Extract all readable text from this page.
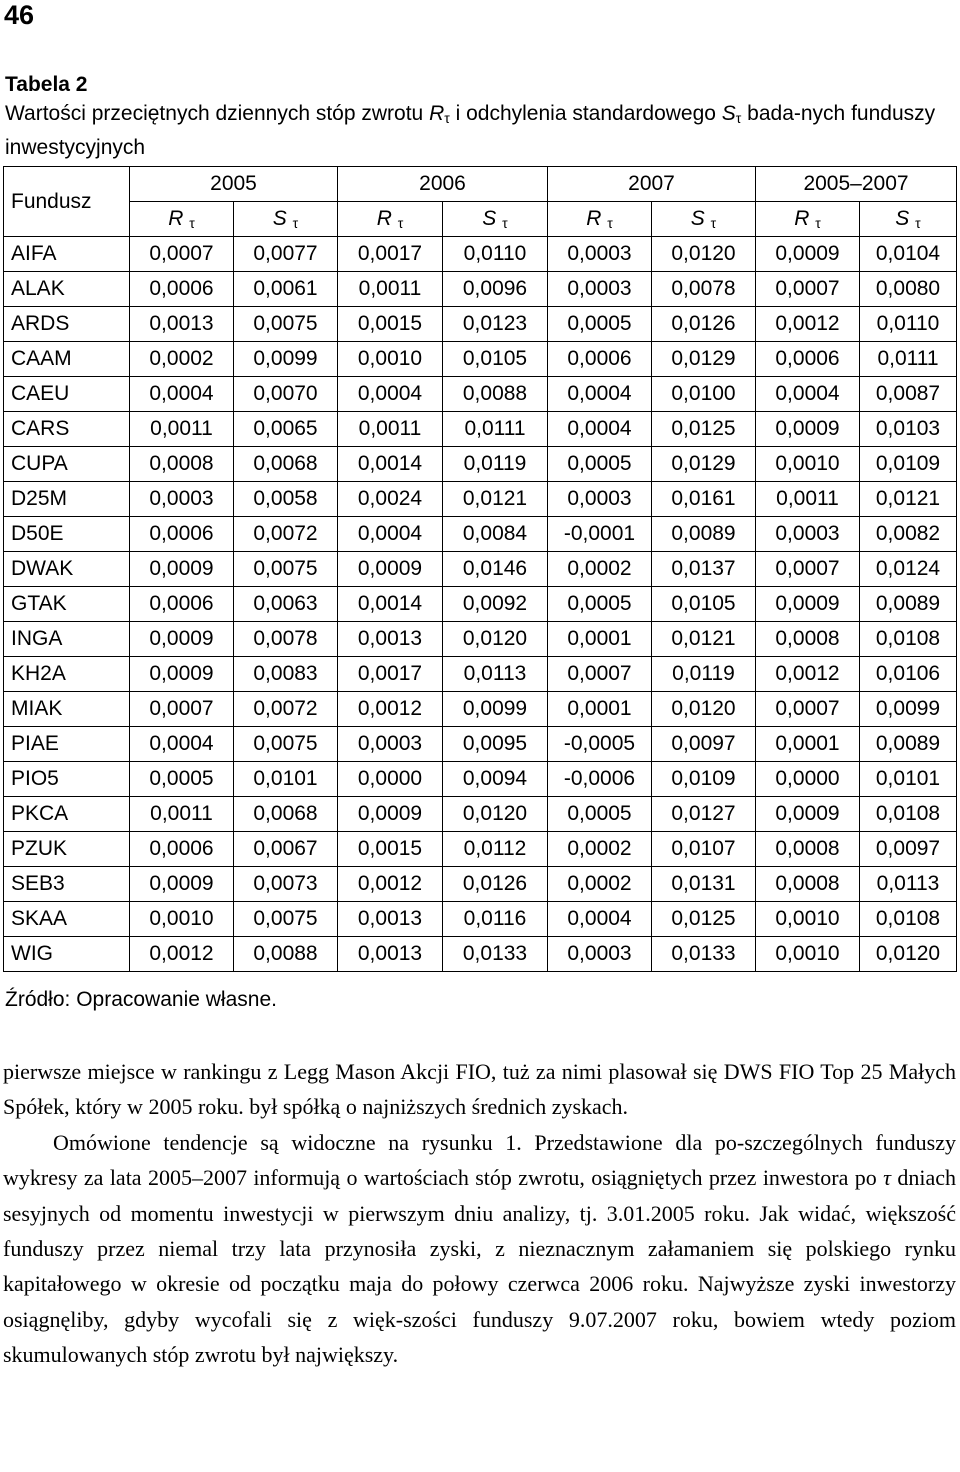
46
Tabela 2
Wartości przeciętnych dziennych stóp zwrotu $R_\tau$ i odchylenia standardowego $S_\tau$ bada-nych funduszy inwestycyjnych
Fundusz	2005		2006		2007		2005–2007	
	R $_\tau$	S $_\tau$	R $_\tau$	S $_\tau$	R $_\tau$	S $_\tau$	R $_\tau$	S $_\tau$
AIFA	0,0007	0,0077	0,0017	0,0110	0,0003	0,0120	0,0009	0,0104
ALAK	0,0006	0,0061	0,0011	0,0096	0,0003	0,0078	0,0007	0,0080
ARDS	0,0013	0,0075	0,0015	0,0123	0,0005	0,0126	0,0012	0,0110
CAAM	0,0002	0,0099	0,0010	0,0105	0,0006	0,0129	0,0006	0,0111
CAEU	0,0004	0,0070	0,0004	0,0088	0,0004	0,0100	0,0004	0,0087
CARS	0,0011	0,0065	0,0011	0,0111	0,0004	0,0125	0,0009	0,0103
CUPA	0,0008	0,0068	0,0014	0,0119	0,0005	0,0129	0,0010	0,0109
D25M	0,0003	0,0058	0,0024	0,0121	0,0003	0,0161	0,0011	0,0121
D50E	0,0006	0,0072	0,0004	0,0084	-0,0001	0,0089	0,0003	0,0082
DWAK	0,0009	0,0075	0,0009	0,0146	0,0002	0,0137	0,0007	0,0124
GTAK	0,0006	0,0063	0,0014	0,0092	0,0005	0,0105	0,0009	0,0089
INGA	0,0009	0,0078	0,0013	0,0120	0,0001	0,0121	0,0008	0,0108
KH2A	0,0009	0,0083	0,0017	0,0113	0,0007	0,0119	0,0012	0,0106
MIAK	0,0007	0,0072	0,0012	0,0099	0,0001	0,0120	0,0007	0,0099
PIAE	0,0004	0,0075	0,0003	0,0095	-0,0005	0,0097	0,0001	0,0089
PIO5	0,0005	0,0101	0,0000	0,0094	-0,0006	0,0109	0,0000	0,0101
PKCA	0,0011	0,0068	0,0009	0,0120	0,0005	0,0127	0,0009	0,0108
PZUK	0,0006	0,0067	0,0015	0,0112	0,0002	0,0107	0,0008	0,0097
SEB3	0,0009	0,0073	0,0012	0,0126	0,0002	0,0131	0,0008	0,0113
SKAA	0,0010	0,0075	0,0013	0,0116	0,0004	0,0125	0,0010	0,0108
WIG	0,0012	0,0088	0,0013	0,0133	0,0003	0,0133	0,0010	0,0120
Źródło: Opracowanie własne.

pierwsze miejsce w rankingu z Legg Mason Akcji FIO, tuż za nimi plasował się DWS FIO Top 25 Małych Spółek, który w 2005 roku. był spółką o najniższych średnich zyskach.

Omówione tendencje są widoczne na rysunku 1. Przedstawione dla po-szczególnych funduszy wykresy za lata 2005–2007 informują o wartościach stóp zwrotu, osiągniętych przez inwestora po τ dniach sesyjnych od momentu inwestycji w pierwszym dniu analizy, tj. 3.01.2005 roku. Jak widać, większość funduszy przez niemal trzy lata przynosiła zyski, z nieznacznym załamaniem się polskiego rynku kapitałowego w okresie od początku maja do połowy czerwca 2006 roku. Najwyższe zyski inwestorzy osiągnęliby, gdyby wycofali się z więk-szości funduszy 9.07.2007 roku, bowiem wtedy poziom skumulowanych stóp zwrotu był największy.
